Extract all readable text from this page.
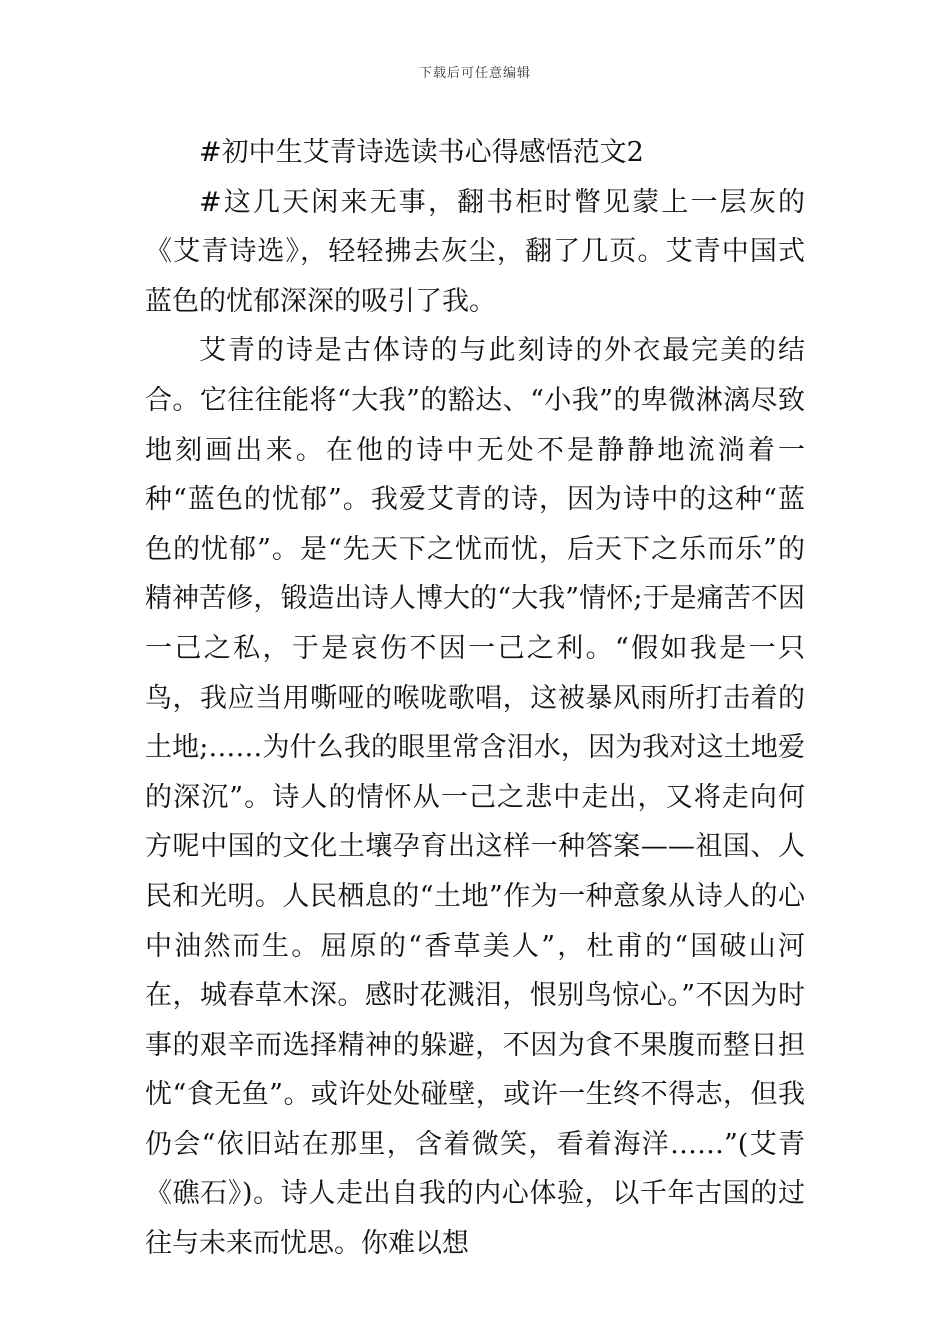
下载后可任意编辑

#初中生艾青诗选读书心得感悟范文2

#这几天闲来无事，翻书柜时瞥见蒙上一层灰的《艾青诗选》，轻轻拂去灰尘，翻了几页。艾青中国式蓝色的忧郁深深的吸引了我。

艾青的诗是古体诗的与此刻诗的外衣最完美的结合。它往往能将“大我”的豁达、“小我”的卑微淋漓尽致地刻画出来。在他的诗中无处不是静静地流淌着一种“蓝色的忧郁”。我爱艾青的诗，因为诗中的这种“蓝色的忧郁”。是“先天下之忧而忧，后天下之乐而乐”的精神苦修，锻造出诗人博大的“大我”情怀;于是痛苦不因一己之私，于是哀伤不因一己之利。“假如我是一只鸟，我应当用嘶哑的喉咙歌唱，这被暴风雨所打击着的土地;……为什么我的眼里常含泪水，因为我对这土地爱的深沉”。诗人的情怀从一己之悲中走出，又将走向何方呢中国的文化土壤孕育出这样一种答案——祖国、人民和光明。人民栖息的“土地”作为一种意象从诗人的心中油然而生。屈原的“香草美人”，杜甫的“国破山河在，城春草木深。感时花溅泪，恨别鸟惊心。”不因为时事的艰辛而选择精神的躲避，不因为食不果腹而整日担忧“食无鱼”。或许处处碰壁，或许一生终不得志，但我仍会“依旧站在那里，含着微笑，看着海洋……”(艾青《礁石》)。诗人走出自我的内心体验，以千年古国的过往与未来而忧思。你难以想
